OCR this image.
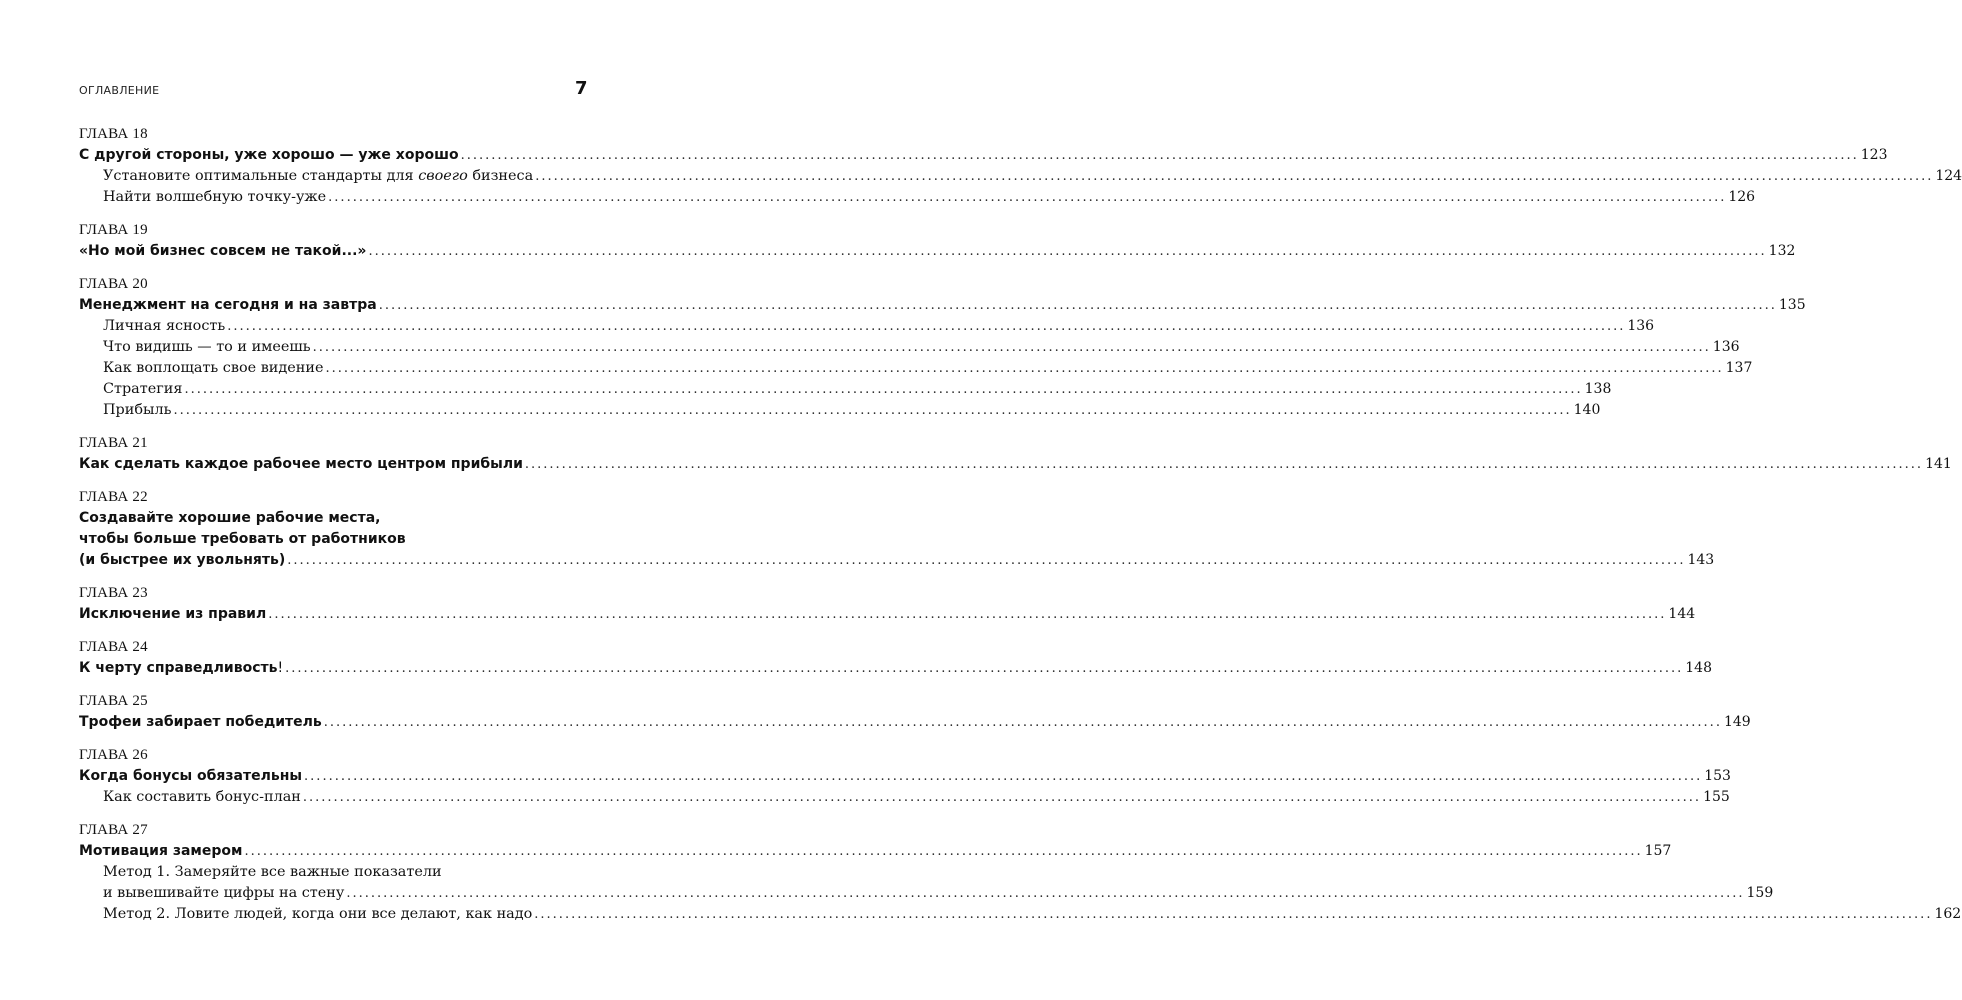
ОГЛАВЛЕНИЕ	7
ГЛАВА 18
С другой стороны, уже хорошо — уже хорошо .....	123
Установите оптимальные стандарты для своего бизнеса .....	124
Найти волшебную точку-уже .....	126
ГЛАВА 19
«Но мой бизнес совсем не такой...» .....	132
ГЛАВА 20
Менеджмент на сегодня и на завтра .....	135
Личная ясность .....	136
Что видишь — то и имеешь .....	136
Как воплощать свое видение .....	137
Стратегия .....	138
Прибыль .....	140
ГЛАВА 21
Как сделать каждое рабочее место центром прибыли .....	141
ГЛАВА 22
Создавайте хорошие рабочие места,
чтобы больше требовать от работников
(и быстрее их увольнять) .....	143
ГЛАВА 23
Исключение из правил .....	144
ГЛАВА 24
К черту справедливость! .....	148
ГЛАВА 25
Трофеи забирает победитель .....	149
ГЛАВА 26
Когда бонусы обязательны .....	153
Как составить бонус-план .....	155
ГЛАВА 27
Мотивация замером .....	157
Метод 1. Замеряйте все важные показатели
и вывешивайте цифры на стену .....	159
Метод 2. Ловите людей, когда они все делают, как надо .....	162
